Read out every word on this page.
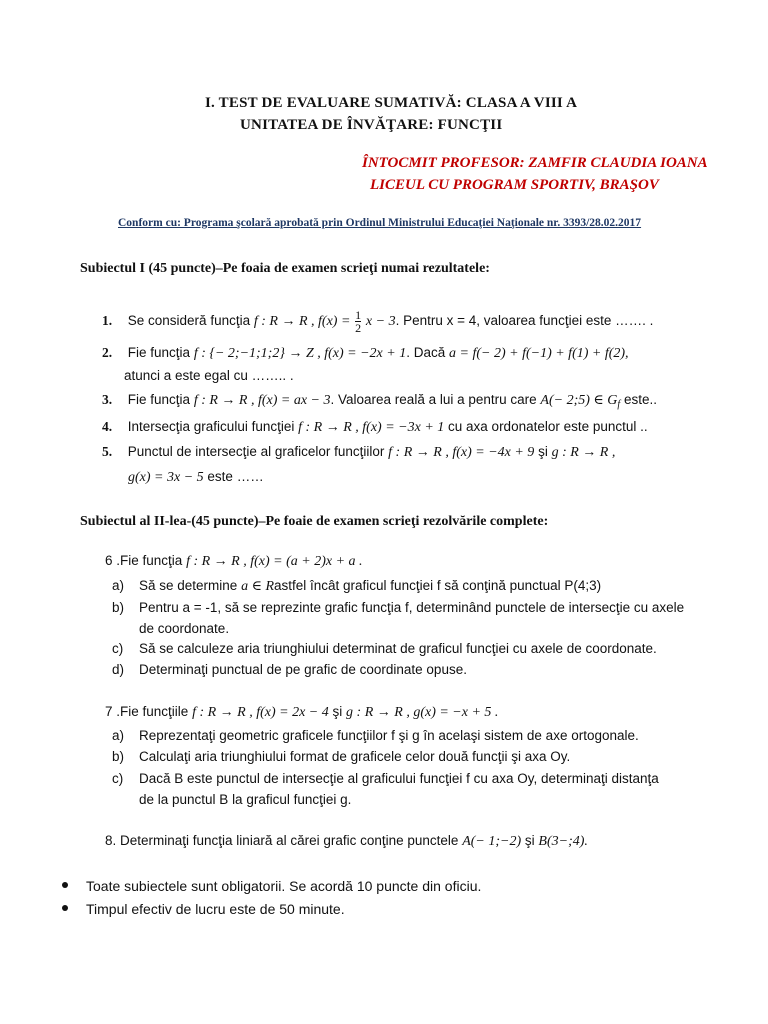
I. TEST DE EVALUARE SUMATIVĂ: CLASA A VIII A
UNITATEA DE ÎNVĂŢARE: FUNCŢII
ÎNTOCMIT PROFESOR: ZAMFIR CLAUDIA IOANA
LICEUL CU PROGRAM SPORTIV, BRAŞOV
Conform cu: Programa şcolară aprobată prin Ordinul Ministrului Educaţiei Naţionale nr. 3393/28.02.2017
Subiectul I (45 puncte)–Pe foaia de examen scrieţi numai rezultatele:
1. Se consideră funcţia f : R → R , $f(x) = \frac{1}{2}$ x − 3. Pentru x = 4, valoarea funcţiei este ……. .
2. Fie funcţia f : {− 2;−1;1;2} → Z , f(x) = −2x + 1. Dacă a = f(− 2) + f(−1) + f(1) + f(2),
atunci a este egal cu …….. .
3. Fie funcţia f : R → R , f(x) = ax − 3. Valoarea reală a lui a pentru care A(− 2;5) ∈ $G_f$ este..
4. Intersecţia graficului funcţiei f : R → R , f(x) = −3x + 1 cu axa ordonatelor este punctul ..
5. Punctul de intersecţie al graficelor funcţiilor f : R → R , f(x) = −4x + 9 şi g : R → R ,
g(x) = 3x − 5 este ……
Subiectul al II-lea-(45 puncte)–Pe foaie de examen scrieţi rezolvările complete:
6 .Fie funcţia f : R → R , f(x) = (a + 2)x + a .
a) Să se determine a ∈ Rastfel încât graficul funcţiei f să conţină punctual P(4;3)
b) Pentru a = -1, să se reprezinte grafic funcţia f, determinând punctele de intersecţie cu axele
de coordonate.
c) Să se calculeze aria triunghiului determinat de graficul funcţiei cu axele de coordonate.
d) Determinaţi punctual de pe grafic de coordinate opuse.
7 .Fie funcţiile f : R → R , f(x) = 2x − 4 şi g : R → R , g(x) = −x + 5 .
a) Reprezentaţi geometric graficele funcţiilor f şi g în acelaşi sistem de axe ortogonale.
b) Calculaţi aria triunghiului format de graficele celor două funcţii şi axa Oy.
c) Dacă B este punctul de intersecţie al graficului funcţiei f cu axa Oy, determinaţi distanţa
de la punctul B la graficul funcţiei g.
8. Determinaţi funcţia liniară al cărei grafic conţine punctele A(− 1;−2) şi B(3−;4).
Toate subiectele sunt obligatorii. Se acordă 10 puncte din oficiu.
Timpul efectiv de lucru este de 50 minute.
